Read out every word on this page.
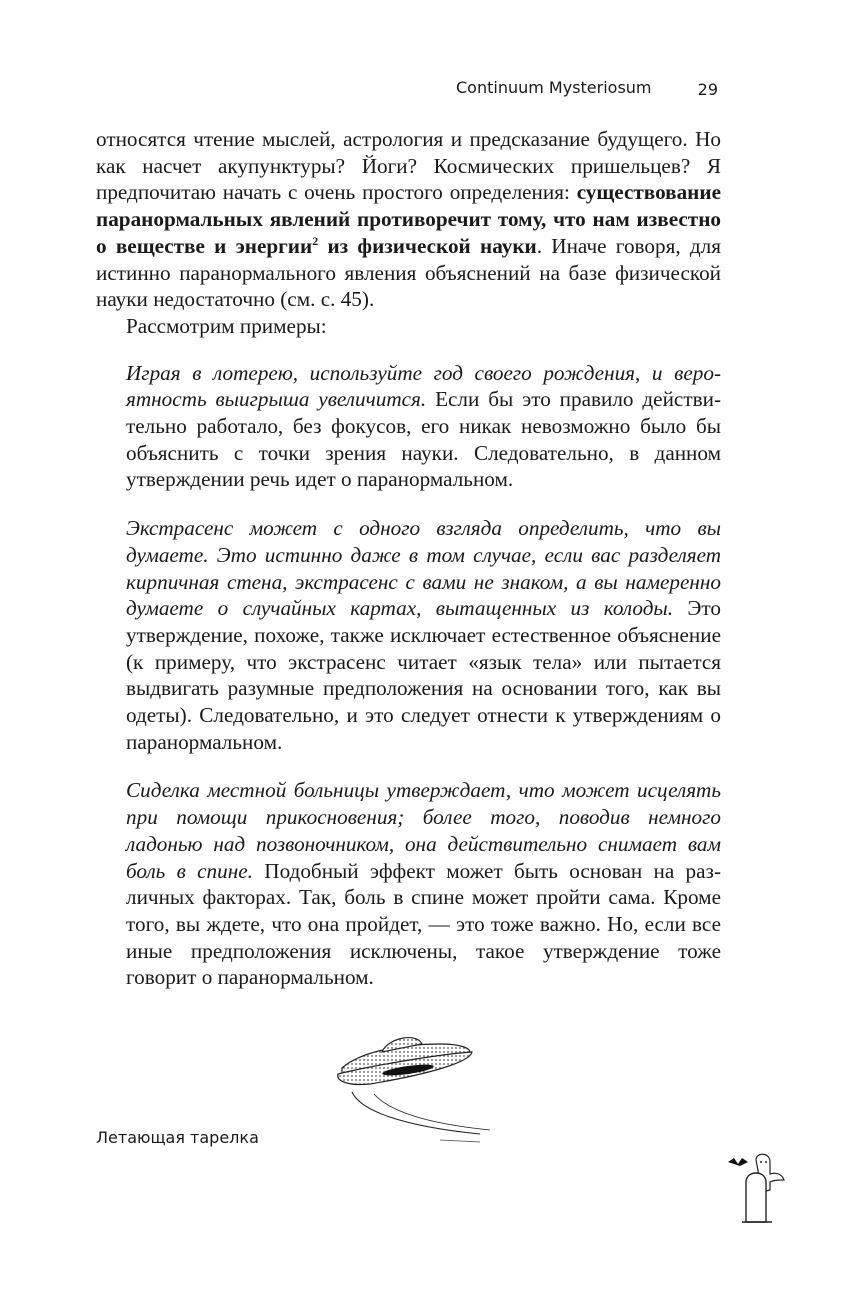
Continuum Mysteriosum	29

относятся чтение мыслей, астрология и предсказание будущего. Но как насчет акупунктуры? Йоги? Космических пришельцев? Я предпочитаю начать с очень простого определения: существование паранормальных явлений противоречит тому, что нам известно о веществе и энергии$^2$ из физической науки. Иначе говоря, для истинно паранормального явления объяснений на базе физической науки недостаточно (см. с. 45).

Рассмотрим примеры:

Играя в лотерею, используйте год своего рождения, и вероятность выигрыша увеличится. Если бы это правило действительно работало, без фокусов, его никак невозможно было бы объяснить с точки зрения науки. Следовательно, в данном утверждении речь идет о паранормальном.

Экстрасенс может с одного взгляда определить, что вы думаете. Это истинно даже в том случае, если вас разделяет кирпичная стена, экстрасенс с вами не знаком, а вы намеренно думаете о случайных картах, вытащенных из колоды. Это утверждение, похоже, также исключает естественное объяснение (к примеру, что экстрасенс читает «язык тела» или пытается выдвигать разумные предположения на основании того, как вы одеты). Следовательно, и это следует отнести к утверждениям о паранормальном.

Сиделка местной больницы утверждает, что может исцелять при помощи прикосновения; более того, поводив немного ладонью над позвоночником, она действительно снимает вам боль в спине. Подобный эффект может быть основан на различных факторах. Так, боль в спине может пройти сама. Кроме того, вы ждете, что она пройдет, — это тоже важно. Но, если все иные предположения исключены, такое утверждение тоже говорит о паранормальном.

Летающая тарелка
